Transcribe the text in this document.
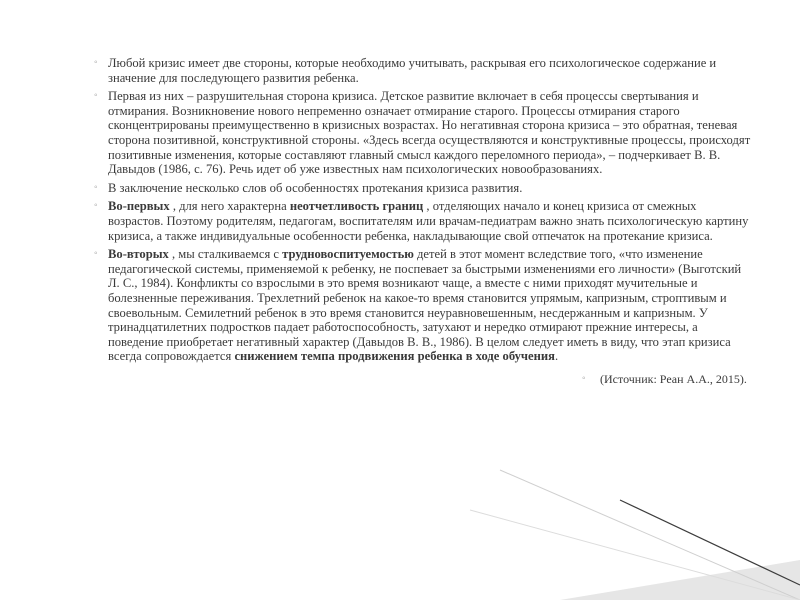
◦ Любой кризис имеет две стороны, которые необходимо учитывать, раскрывая его психологическое содержание и значение для последующего развития ребенка.
◦ Первая из них – разрушительная сторона кризиса. Детское развитие включает в себя процессы свертывания и отмирания. Возникновение нового непременно означает отмирание старого. Процессы отмирания старого сконцентрированы преимущественно в кризисных возрастах. Но негативная сторона кризиса – это обратная, теневая сторона позитивной, конструктивной стороны. «Здесь всегда осуществляются и конструктивные процессы, происходят позитивные изменения, которые составляют главный смысл каждого переломного периода», – подчеркивает В. В. Давыдов (1986, с. 76). Речь идет об уже известных нам психологических новообразованиях.
◦ В заключение несколько слов об особенностях протекания кризиса развития.
◦ Во-первых , для него характерна неотчетливость границ , отделяющих начало и конец кризиса от смежных возрастов. Поэтому родителям, педагогам, воспитателям или врачам-педиатрам важно знать психологическую картину кризиса, а также индивидуальные особенности ребенка, накладывающие свой отпечаток на протекание кризиса.
◦ Во-вторых , мы сталкиваемся с трудновоспитуемостью детей в этот момент вследствие того, «что изменение педагогической системы, применяемой к ребенку, не поспевает за быстрыми изменениями его личности» (Выготский Л. С., 1984). Конфликты со взрослыми в это время возникают чаще, а вместе с ними приходят мучительные и болезненные переживания. Трехлетний ребенок на какое-то время становится упрямым, капризным, строптивым и своевольным. Семилетний ребенок в это время становится неуравновешенным, несдержанным и капризным. У тринадцатилетних подростков падает работоспособность, затухают и нередко отмирают прежние интересы, а поведение приобретает негативный характер (Давыдов В. В., 1986). В целом следует иметь в виду, что этап кризиса всегда сопровождается снижением темпа продвижения ребенка в ходе обучения.
◦ (Источник: Реан А.А., 2015).
